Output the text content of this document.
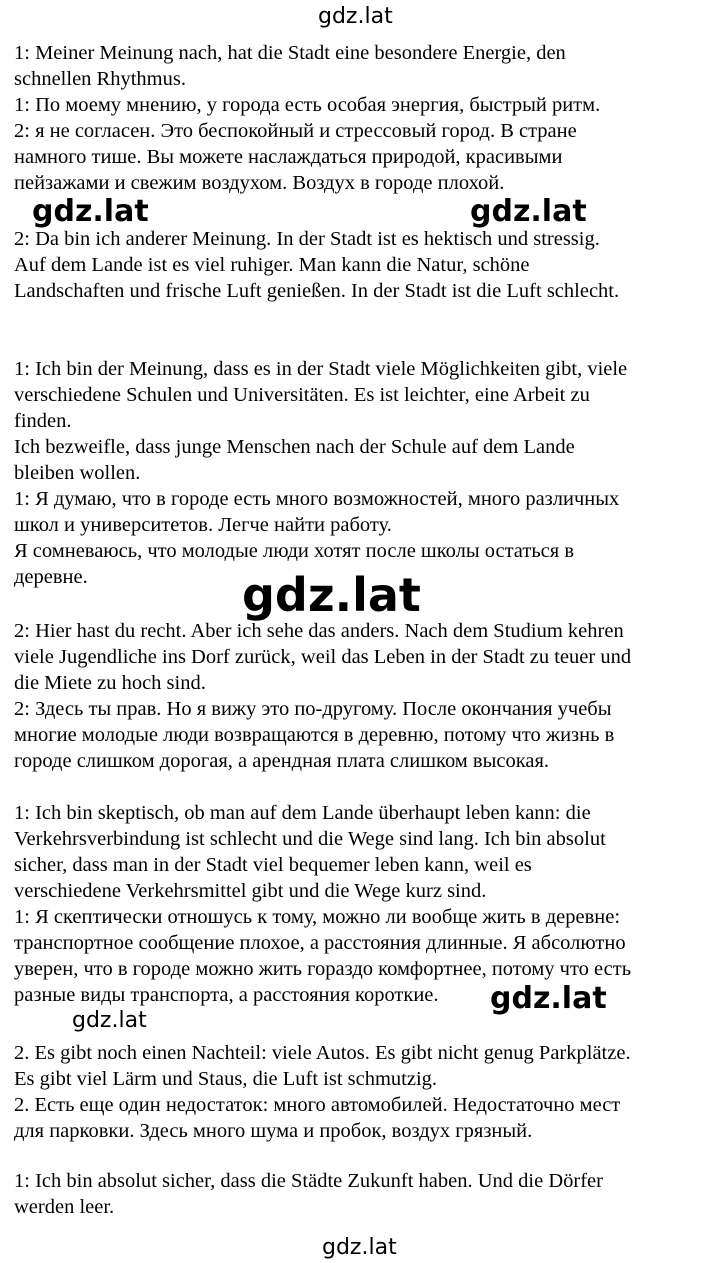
gdz.lat
1: Meiner Meinung nach, hat die Stadt eine besondere Energie, den
schnellen Rhythmus.
1: По моему мнению, у города есть особая энергия, быстрый ритм.
2: я не согласен. Это беспокойный и стрессовый город. В стране
намного тише. Вы можете наслаждаться природой, красивыми
пейзажами и свежим воздухом. Воздух в городе плохой.
gdz.lat	gdz.lat
2: Da bin ich anderer Meinung. In der Stadt ist es hektisch und stressig.
Auf dem Lande ist es viel ruhiger. Man kann die Natur, schöne
Landschaften und frische Luft genießen. In der Stadt ist die Luft schlecht.
1: Ich bin der Meinung, dass es in der Stadt viele Möglichkeiten gibt, viele
verschiedene Schulen und Universitäten. Es ist leichter, eine Arbeit zu
finden.
Ich bezweifle, dass junge Menschen nach der Schule auf dem Lande
bleiben wollen.
1: Я думаю, что в городе есть много возможностей, много различных
школ и университетов. Легче найти работу.
Я сомневаюсь, что молодые люди хотят после школы остаться в
деревне.	gdz.lat
2: Hier hast du recht. Aber ich sehe das anders. Nach dem Studium kehren
viele Jugendliche ins Dorf zurück, weil das Leben in der Stadt zu teuer und
die Miete zu hoch sind.
2: Здесь ты прав. Но я вижу это по-другому. После окончания учебы
многие молодые люди возвращаются в деревню, потому что жизнь в
городе слишком дорогая, а арендная плата слишком высокая.
1: Ich bin skeptisch, ob man auf dem Lande überhaupt leben kann: die
Verkehrsverbindung ist schlecht und die Wege sind lang. Ich bin absolut
sicher, dass man in der Stadt viel bequemer leben kann, weil es
verschiedene Verkehrsmittel gibt und die Wege kurz sind.
1: Я скептически отношусь к тому, можно ли вообще жить в деревне:
транспортное сообщение плохое, а расстояния длинные. Я абсолютно
уверен, что в городе можно жить гораздо комфортнее, потому что есть
разные виды транспорта, а расстояния короткие.	gdz.lat
gdz.lat
2. Es gibt noch einen Nachteil: viele Autos. Es gibt nicht genug Parkplätze.
Es gibt viel Lärm und Staus, die Luft ist schmutzig.
2. Есть еще один недостаток: много автомобилей. Недостаточно мест
для парковки. Здесь много шума и пробок, воздух грязный.
1: Ich bin absolut sicher, dass die Städte Zukunft haben. Und die Dörfer
werden leer.
gdz.lat
